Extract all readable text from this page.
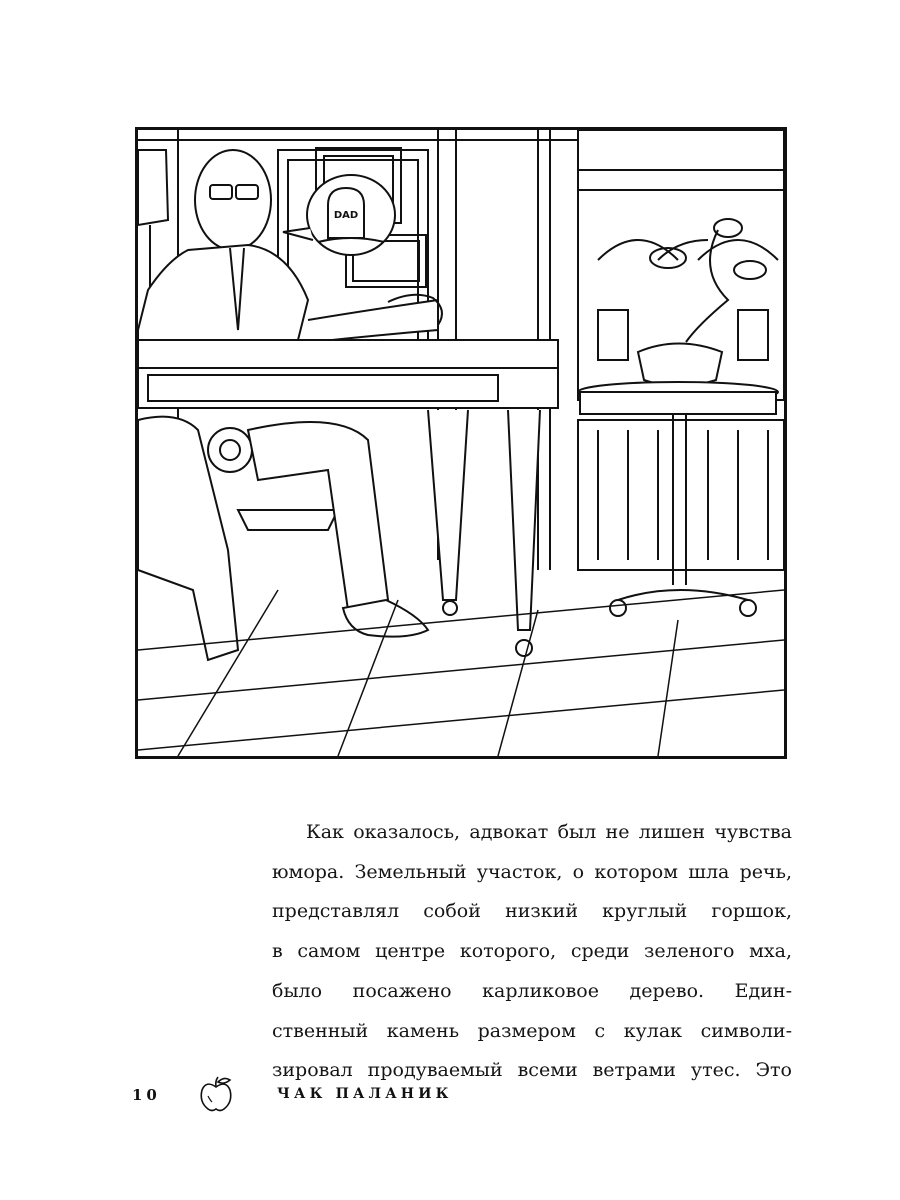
DAD
Как оказалось, адвокат был не лишен чувства
юмора. Земельный участок, о котором шла речь,
представлял собой низкий круглый горшок,
в самом центре которого, среди зеленого мха,
было посажено карликовое дерево. Един-
ственный камень размером с кулак символи-
зировал продуваемый всеми ветрами утес. Это
10	ЧАК ПАЛАНИК
